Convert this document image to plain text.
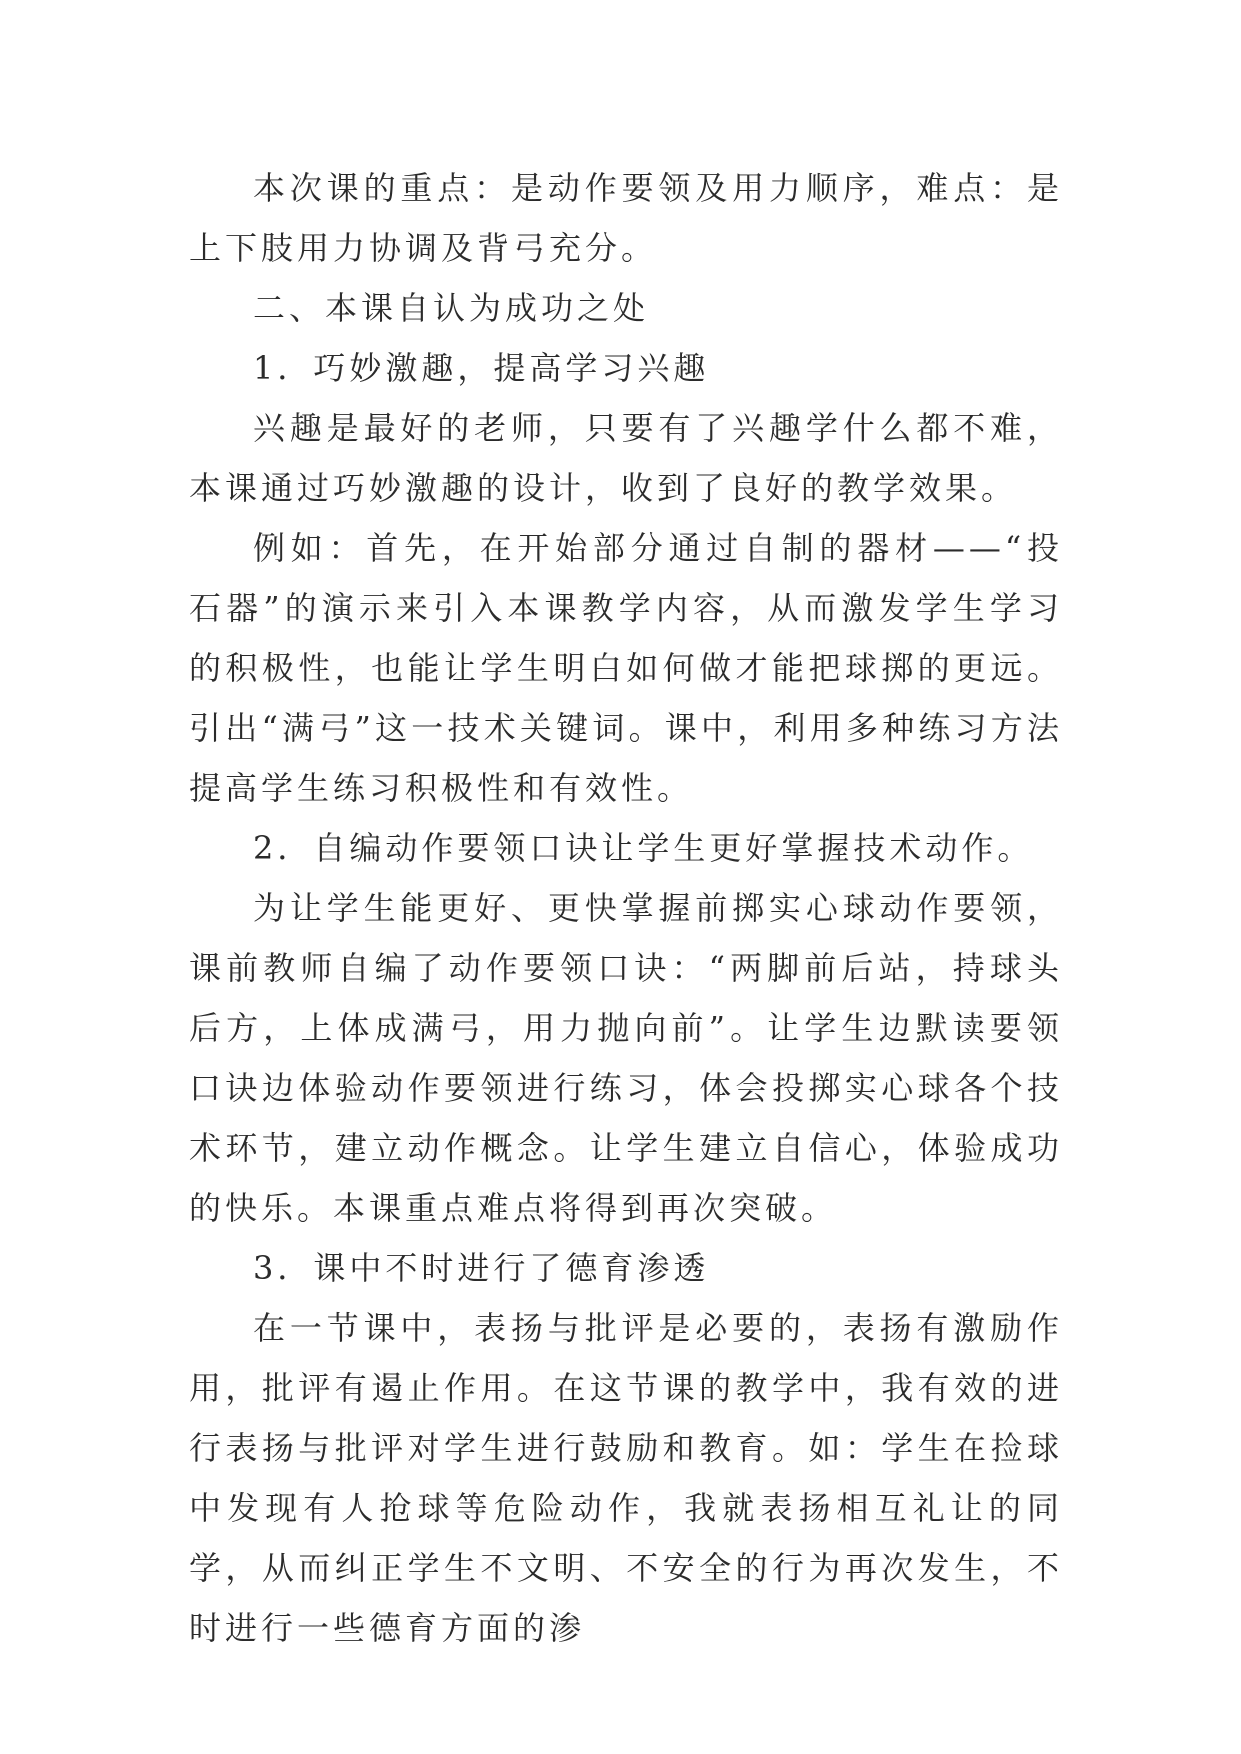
本次课的重点：是动作要领及用力顺序，难点：是上下肢用力协调及背弓充分。

二、本课自认为成功之处

1．巧妙激趣，提高学习兴趣

兴趣是最好的老师，只要有了兴趣学什么都不难，本课通过巧妙激趣的设计，收到了良好的教学效果。

例如：首先，在开始部分通过自制的器材——“投石器”的演示来引入本课教学内容，从而激发学生学习的积极性，也能让学生明白如何做才能把球掷的更远。引出“满弓”这一技术关键词。课中，利用多种练习方法提高学生练习积极性和有效性。

2．自编动作要领口诀让学生更好掌握技术动作。

为让学生能更好、更快掌握前掷实心球动作要领，课前教师自编了动作要领口诀：“两脚前后站，持球头后方，上体成满弓，用力抛向前”。让学生边默读要领口诀边体验动作要领进行练习，体会投掷实心球各个技术环节，建立动作概念。让学生建立自信心，体验成功的快乐。本课重点难点将得到再次突破。

3．课中不时进行了德育渗透

在一节课中，表扬与批评是必要的，表扬有激励作用，批评有遏止作用。在这节课的教学中，我有效的进行表扬与批评对学生进行鼓励和教育。如：学生在捡球中发现有人抢球等危险动作，我就表扬相互礼让的同学，从而纠正学生不文明、不安全的行为再次发生，不时进行一些德育方面的渗
